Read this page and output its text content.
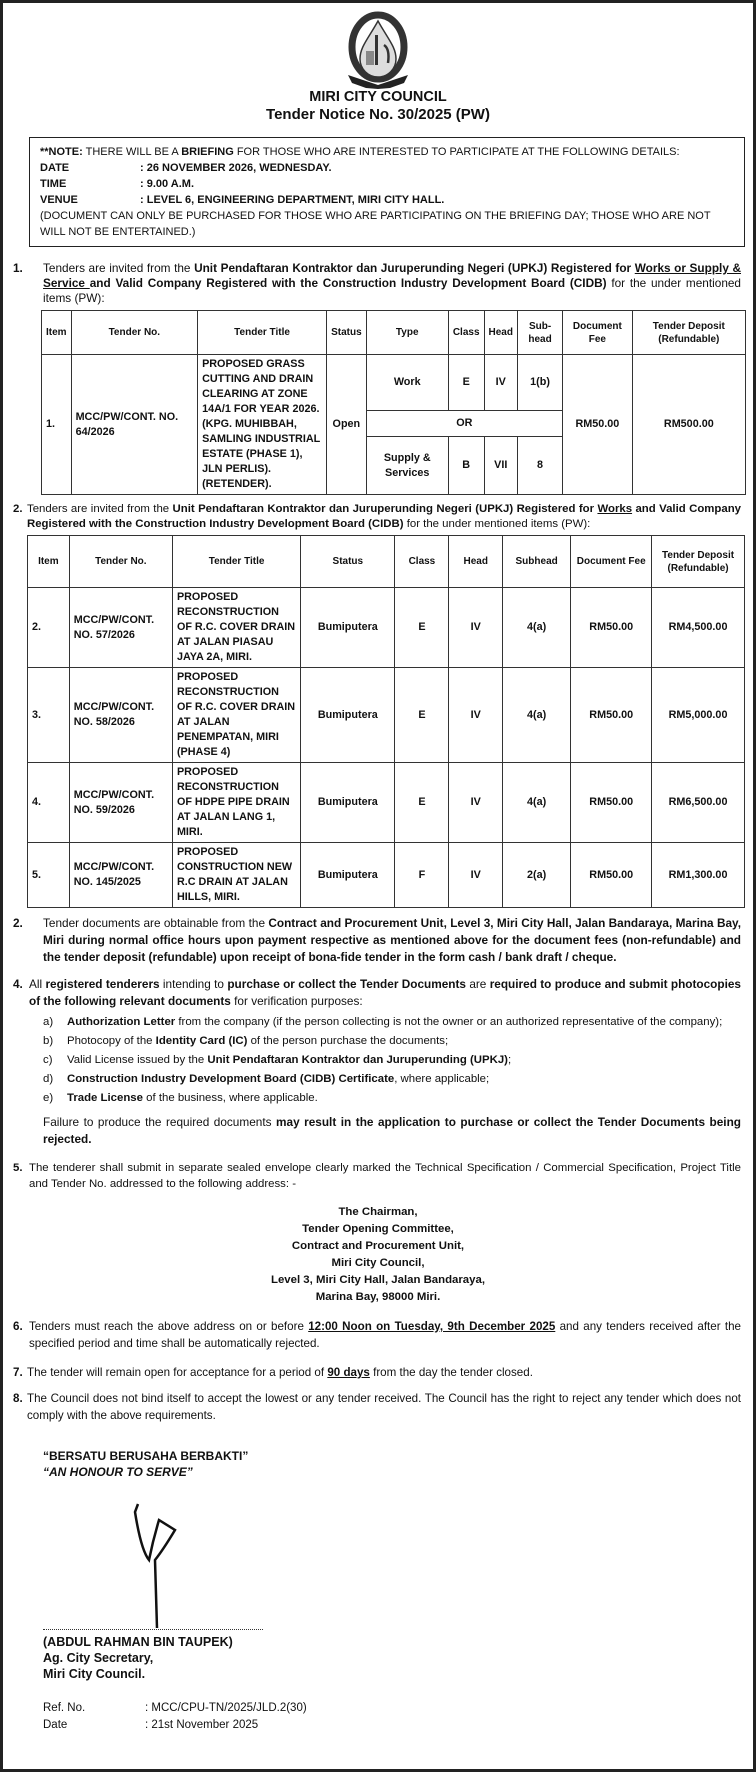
MIRI CITY COUNCIL
Tender Notice No. 30/2025 (PW)
**NOTE: THERE WILL BE A BRIEFING FOR THOSE WHO ARE INTERESTED TO PARTICIPATE AT THE FOLLOWING DETAILS:
DATE	: 26 NOVEMBER 2026, WEDNESDAY.
TIME	: 9.00 A.M.
VENUE	: LEVEL 6, ENGINEERING DEPARTMENT, MIRI CITY HALL.
(DOCUMENT CAN ONLY BE PURCHASED FOR THOSE WHO ARE PARTICIPATING ON THE BRIEFING DAY; THOSE WHO ARE NOT WILL NOT BE ENTERTAINED.)
1. Tenders are invited from the Unit Pendaftaran Kontraktor dan Juruperunding Negeri (UPKJ) Registered for Works or Supply & Service and Valid Company Registered with the Construction Industry Development Board (CIDB) for the under mentioned items (PW):
Item	Tender No.	Tender Title	Status	Type	Class	Head	Sub-head	Document Fee	Tender Deposit (Refundable)
1.	MCC/PW/CONT. NO. 64/2026	PROPOSED GRASS CUTTING AND DRAIN CLEARING AT ZONE 14A/1 FOR YEAR 2026. (KPG. MUHIBBAH, SAMLING INDUSTRIAL ESTATE (PHASE 1), JLN PERLIS). (RETENDER).	Open	Work	E	IV	1(b)	RM50.00	RM500.00
				OR					
				Supply & Services	B	VII	8		
2. Tenders are invited from the Unit Pendaftaran Kontraktor dan Juruperunding Negeri (UPKJ) Registered for Works and Valid Company Registered with the Construction Industry Development Board (CIDB) for the under mentioned items (PW):
Item	Tender No.	Tender Title	Status	Class	Head	Subhead	Document Fee	Tender Deposit (Refundable)
2.	MCC/PW/CONT. NO. 57/2026	PROPOSED RECONSTRUCTION OF R.C. COVER DRAIN AT JALAN PIASAU JAYA 2A, MIRI.	Bumiputera	E	IV	4(a)	RM50.00	RM4,500.00
3.	MCC/PW/CONT. NO. 58/2026	PROPOSED RECONSTRUCTION OF R.C. COVER DRAIN AT JALAN PENEMPATAN, MIRI (PHASE 4)	Bumiputera	E	IV	4(a)	RM50.00	RM5,000.00
4.	MCC/PW/CONT. NO. 59/2026	PROPOSED RECONSTRUCTION OF HDPE PIPE DRAIN AT JALAN LANG 1, MIRI.	Bumiputera	E	IV	4(a)	RM50.00	RM6,500.00
5.	MCC/PW/CONT. NO. 145/2025	PROPOSED CONSTRUCTION NEW R.C DRAIN AT JALAN HILLS, MIRI.	Bumiputera	F	IV	2(a)	RM50.00	RM1,300.00
2. Tender documents are obtainable from the Contract and Procurement Unit, Level 3, Miri City Hall, Jalan Bandaraya, Marina Bay, Miri during normal office hours upon payment respective as mentioned above for the document fees (non-refundable) and the tender deposit (refundable) upon receipt of bona-fide tender in the form cash / bank draft / cheque.
4. All registered tenderers intending to purchase or collect the Tender Documents are required to produce and submit photocopies of the following relevant documents for verification purposes:
a)	Authorization Letter from the company (if the person collecting is not the owner or an authorized representative of the company);
b)	Photocopy of the Identity Card (IC) of the person purchase the documents;
c)	Valid License issued by the Unit Pendaftaran Kontraktor dan Juruperunding (UPKJ);
d)	Construction Industry Development Board (CIDB) Certificate, where applicable;
e)	Trade License of the business, where applicable.
Failure to produce the required documents may result in the application to purchase or collect the Tender Documents being rejected.
5. The tenderer shall submit in separate sealed envelope clearly marked the Technical Specification / Commercial Specification, Project Title and Tender No. addressed to the following address: -
The Chairman,
Tender Opening Committee,
Contract and Procurement Unit,
Miri City Council,
Level 3, Miri City Hall, Jalan Bandaraya,
Marina Bay, 98000 Miri.
6. Tenders must reach the above address on or before 12:00 Noon on Tuesday, 9th December 2025 and any tenders received after the specified period and time shall be automatically rejected.
7. The tender will remain open for acceptance for a period of 90 days from the day the tender closed.
8. The Council does not bind itself to accept the lowest or any tender received. The Council has the right to reject any tender which does not comply with the above requirements.
“BERSATU BERUSAHA BERBAKTI”
“AN HONOUR TO SERVE”
(ABDUL RAHMAN BIN TAUPEK)
Ag. City Secretary,
Miri City Council.
Ref. No.	: MCC/CPU-TN/2025/JLD.2(30)
Date	: 21st November 2025
